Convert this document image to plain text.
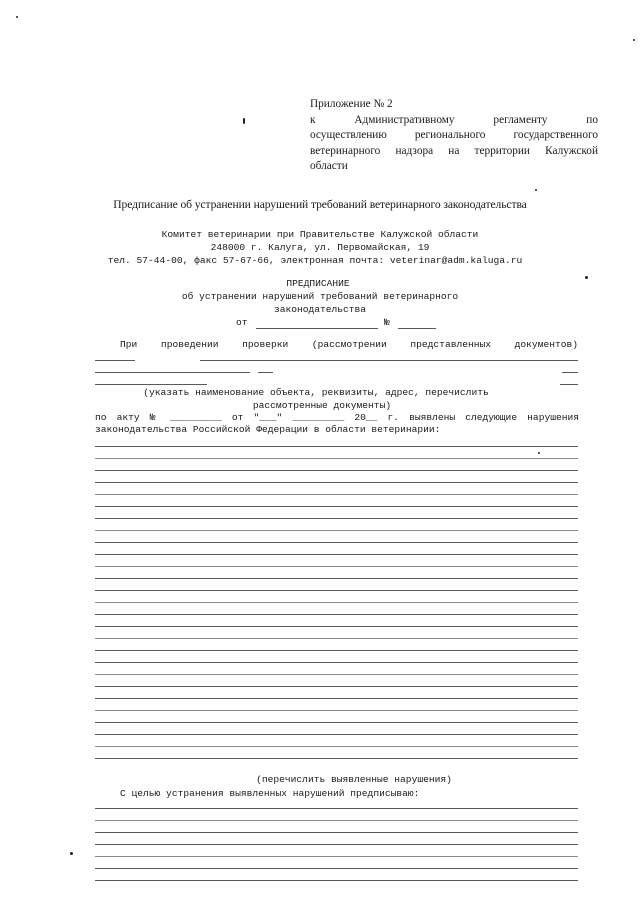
Приложение № 2
к Административному регламенту по
осуществлению регионального государственного
ветеринарного надзора на территории Калужской
области
Предписание об устранении нарушений требований ветеринарного законодательства
Комитет ветеринарии при Правительстве Калужской области
248000 г. Калуга, ул. Первомайская, 19
тел. 57-44-00, факс 57-67-66, электронная почта: veterinar@adm.kaluga.ru
ПРЕДПИСАНИЕ
об устранении нарушений требований ветеринарного
законодательства
от	№
При проведении проверки (рассмотрении представленных документов)
(указать наименование объекта, реквизиты, адрес, перечислить
рассмотренные документы)
по акту № _________ от "___" _________ 20__ г. выявлены следующие нарушения
законодательства Российской Федерации в области ветеринарии:
(перечислить выявленные нарушения)
С целью устранения выявленных нарушений предписываю:
